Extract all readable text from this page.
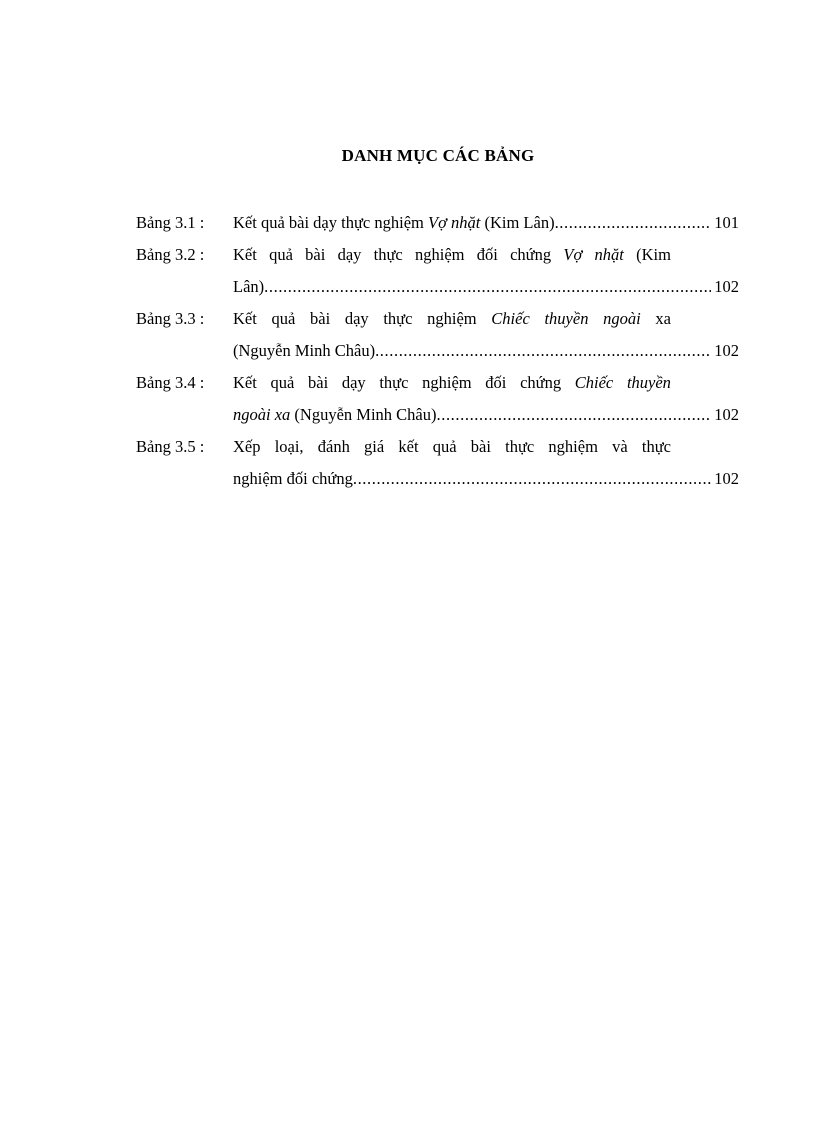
DANH MỤC CÁC BẢNG
Bảng 3.1 :	Kết quả bài dạy thực nghiệm Vợ nhặt (Kim Lân) .....	101
Bảng 3.2 :	Kết quả bài dạy thực nghiệm đối chứng Vợ nhặt (Kim
Lân) .....	102
Bảng 3.3 :	Kết quả bài dạy thực nghiệm Chiếc thuyền ngoài xa
(Nguyễn Minh Châu) .....	102
Bảng 3.4 :	Kết quả bài dạy thực nghiệm đối chứng Chiếc thuyền
ngoài xa (Nguyễn Minh Châu) .....	102
Bảng 3.5 :	Xếp loại, đánh giá kết quả bài thực nghiệm và thực
nghiệm đối chứng .....	102
